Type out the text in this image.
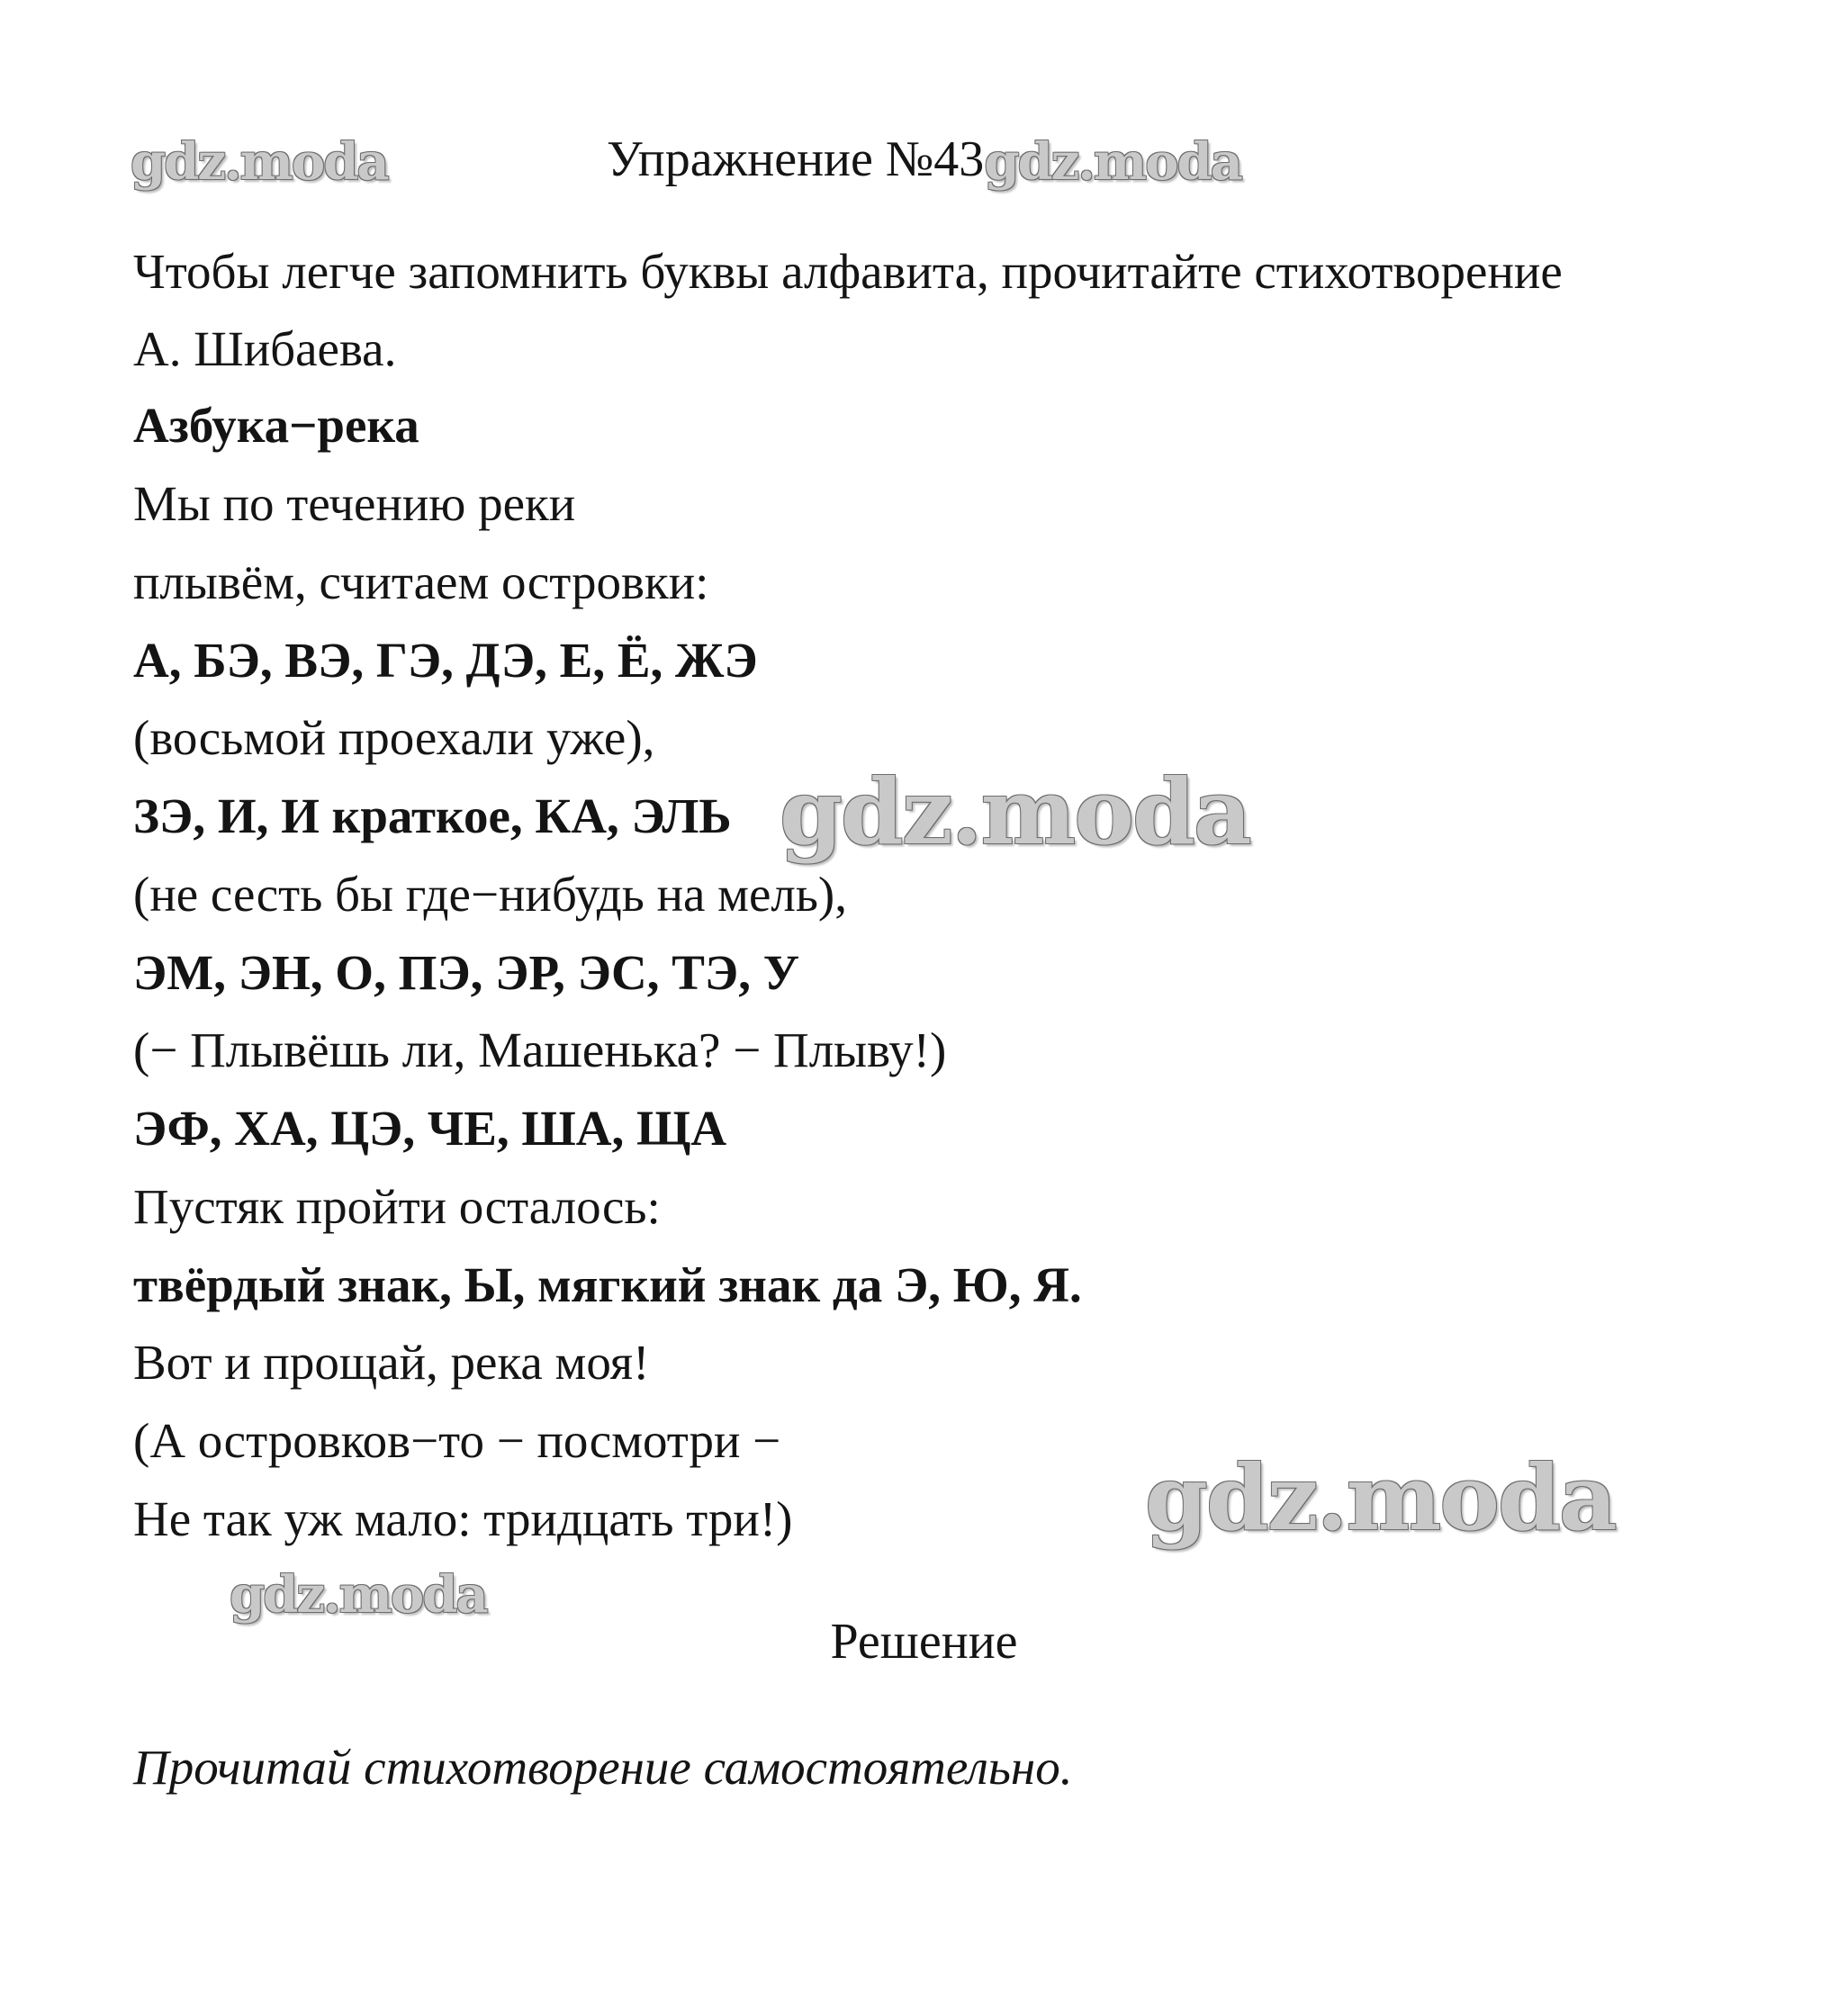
gdz.moda	Упражнение №43gdz.moda
Чтобы легче запомнить буквы алфавита, прочитайте стихотворение
А. Шибаева.
Азбука−река
Мы по течению реки
плывём, считаем островки:
А, БЭ, ВЭ, ГЭ, ДЭ, Е, Ё, ЖЭ
(восьмой проехали уже),
ЗЭ, И, И краткое, КА, ЭЛЬ
(не сесть бы где−нибудь на мель),
ЭМ, ЭН, О, ПЭ, ЭР, ЭС, ТЭ, У
(− Плывёшь ли, Машенька? − Плыву!)
ЭФ, ХА, ЦЭ, ЧЕ, ША, ЩА
Пустяк пройти осталось:
твёрдый знак, Ы, мягкий знак да Э, Ю, Я.
Вот и прощай, река моя!
(А островков−то − посмотри −
Не так уж мало: тридцать три!)
gdz.moda
gdz.moda
gdz.moda
Решение
Прочитай стихотворение самостоятельно.
